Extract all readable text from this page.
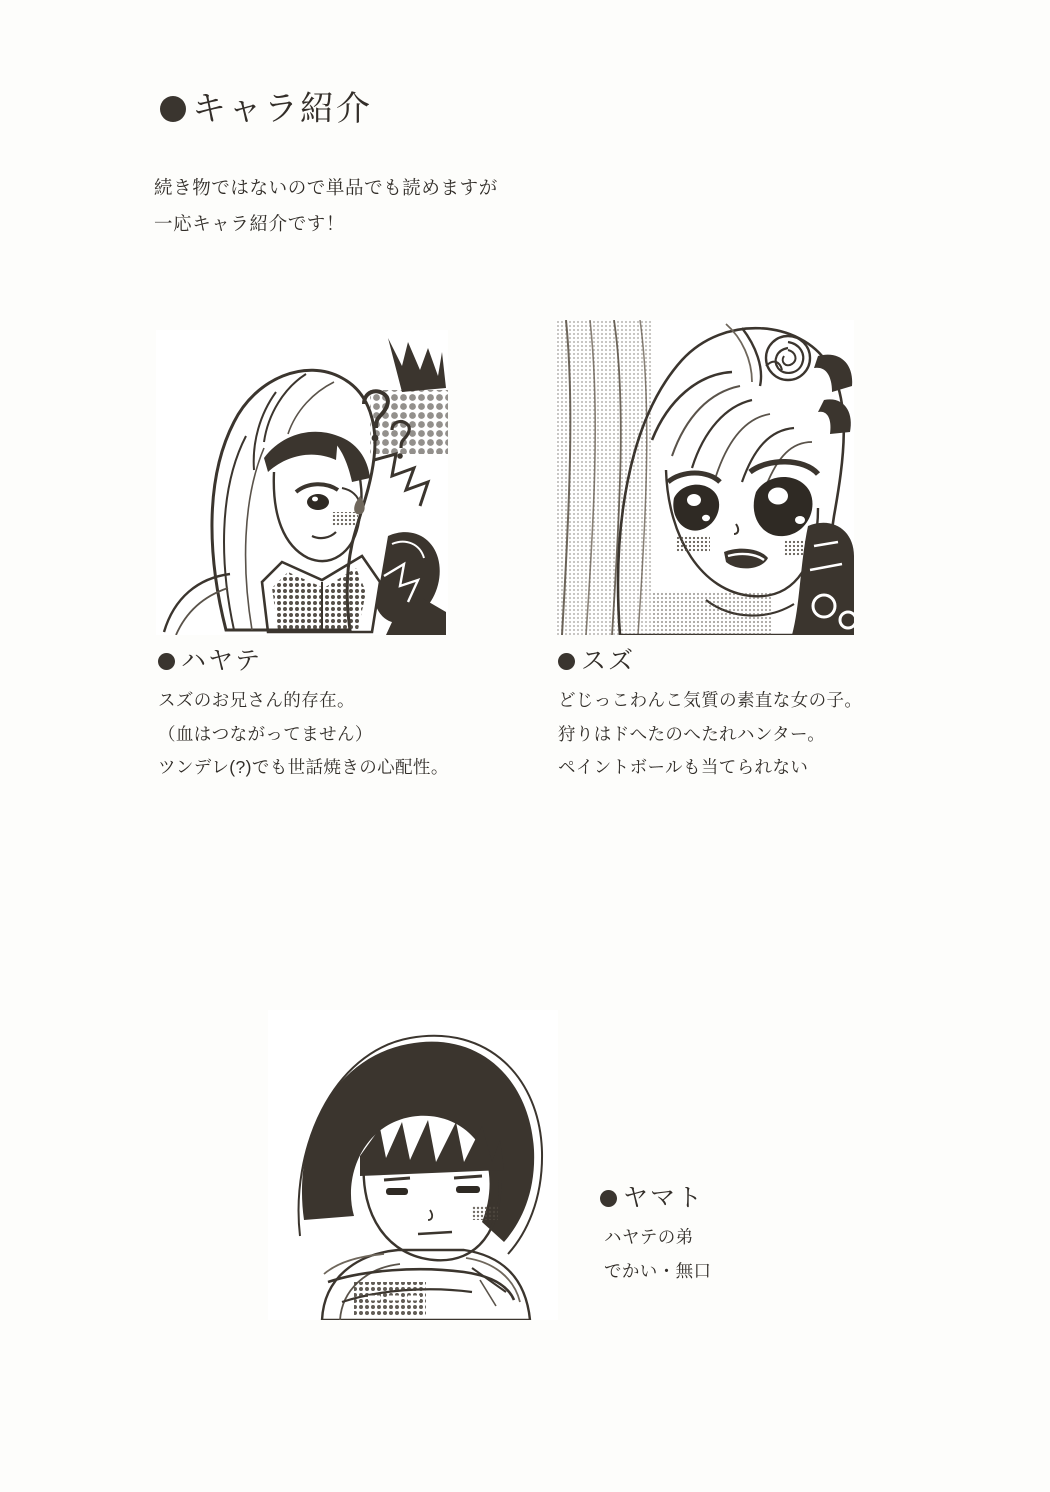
キャラ紹介
続き物ではないので単品でも読めますが
一応キャラ紹介です！
ハヤテ
スズのお兄さん的存在。
（血はつながってません）
ツンデレ(?)でも世話焼きの心配性。
スズ
どじっこわんこ気質の素直な女の子。
狩りはドへたのへたれハンター。
ペイントボールも当てられない
ヤマト
ハヤテの弟
でかい・無口
